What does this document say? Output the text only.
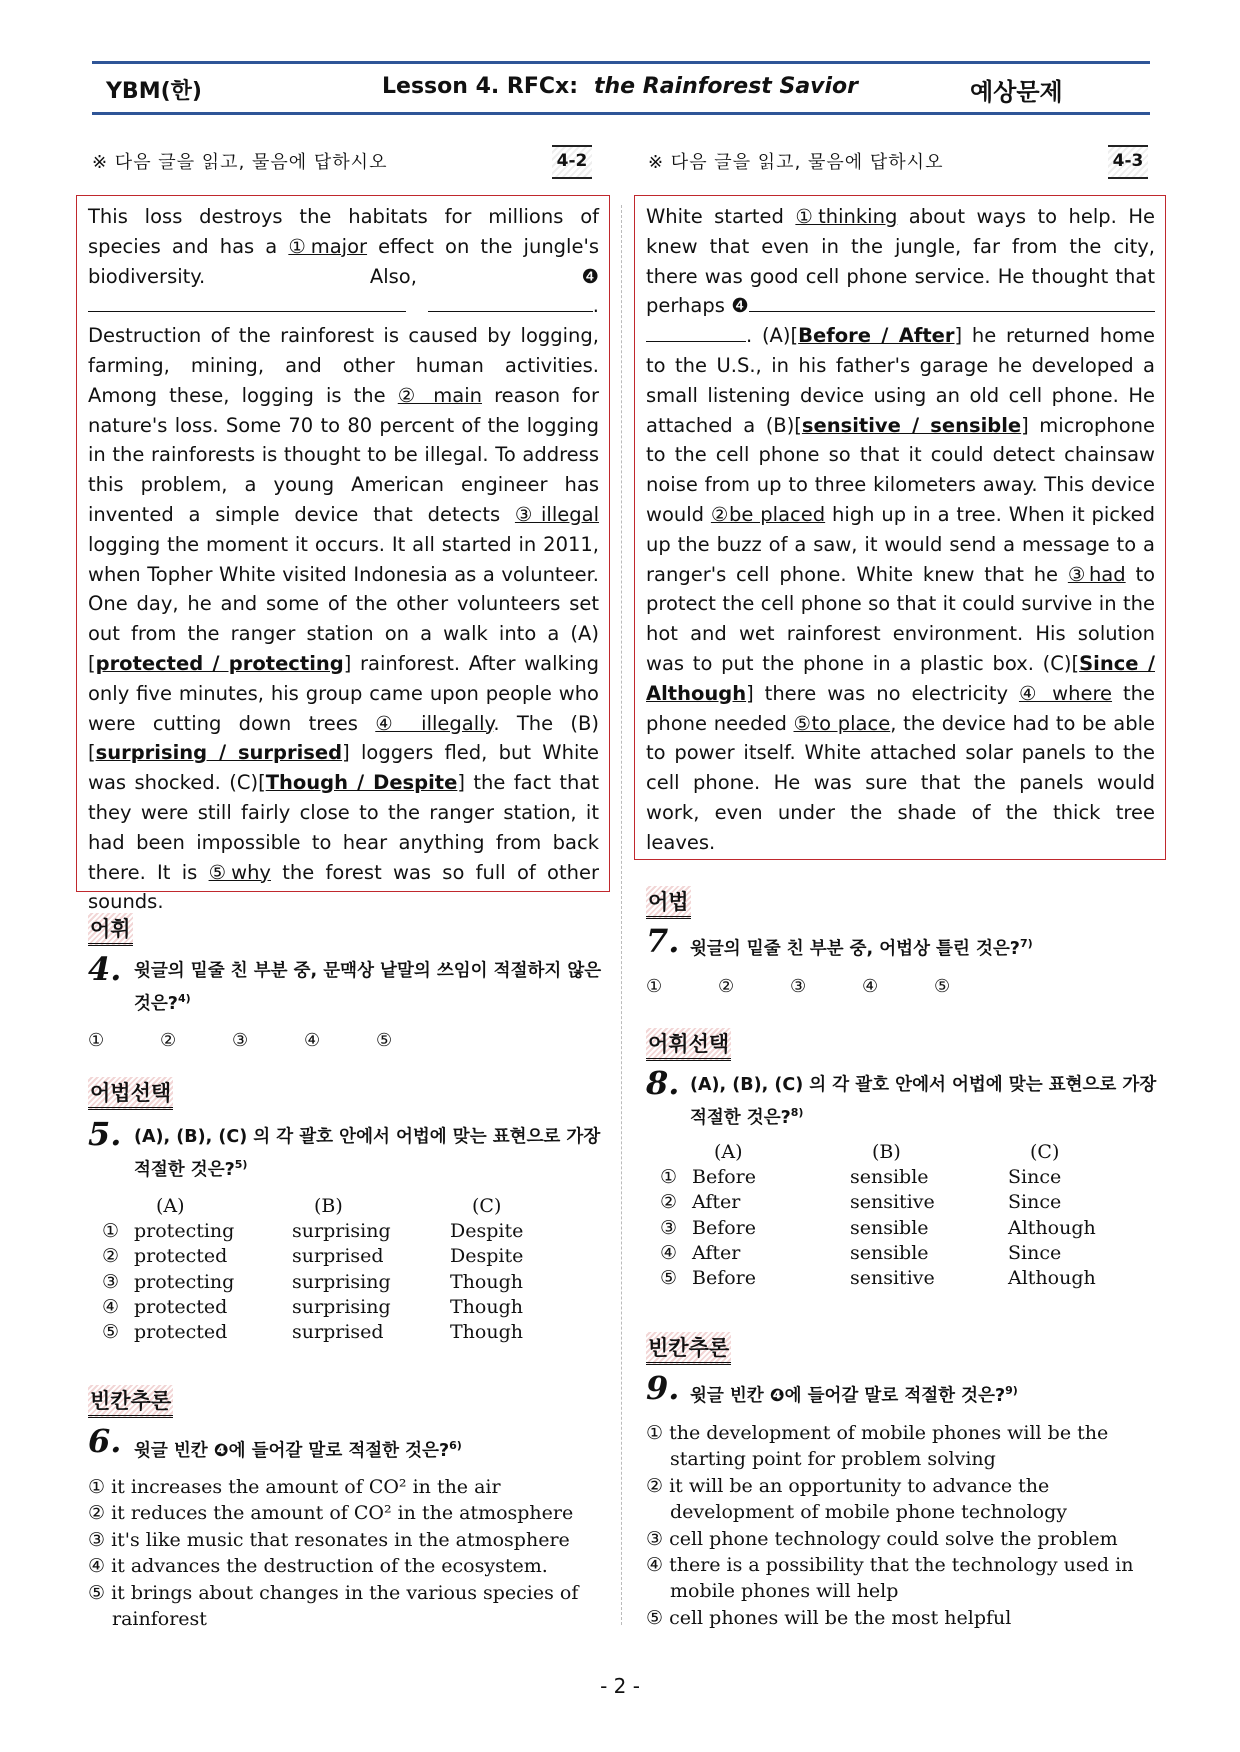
YBM(한)	Lesson 4. RFCx: the Rainforest Savior	예상문제
※ 다음 글을 읽고, 물음에 답하시오	4-2
This loss destroys the habitats for millions of species and has a ①major effect on the jungle's biodiversity. Also, ❹ . Destruction of the rainforest is caused by logging, farming, mining, and other human activities. Among these, logging is the ② main reason for nature's loss. Some 70 to 80 percent of the logging in the rainforests is thought to be illegal. To address this problem, a young American engineer has invented a simple device that detects ③illegal logging the moment it occurs. It all started in 2011, when Topher White visited Indonesia as a volunteer. One day, he and some of the other volunteers set out from the ranger station on a walk into a (A)[protected / protecting] rainforest. After walking only five minutes, his group came upon people who were cutting down trees ④ illegally. The (B)[surprising / surprised] loggers fled, but White was shocked. (C)[Though / Despite] the fact that they were still fairly close to the ranger station, it had been impossible to hear anything from back there. It is ⑤why the forest was so full of other sounds.
어휘
4. 윗글의 밑줄 친 부분 중, 문맥상 낱말의 쓰임이 적절하지 않은 것은?$^{4)}$
①	②	③	④	⑤
어법선택
5. (A), (B), (C) 의 각 괄호 안에서 어법에 맞는 표현으로 가장 적절한 것은?$^{5)}$
(A)	(B)	(C)
① protecting	surprising	Despite
② protected	surprised	Despite
③ protecting	surprising	Though
④ protected	surprising	Though
⑤ protected	surprised	Though
빈칸추론
6. 윗글 빈칸 ❹에 들어갈 말로 적절한 것은?$^{6)}$
① it increases the amount of CO² in the air
② it reduces the amount of CO² in the atmosphere
③ it's like music that resonates in the atmosphere
④ it advances the destruction of the ecosystem.
⑤ it brings about changes in the various species of rainforest
※ 다음 글을 읽고, 물음에 답하시오	4-3
White started ①thinking about ways to help. He knew that even in the jungle, far from the city, there was good cell phone service. He thought that perhaps ❹ . (A)[Before / After] he returned home to the U.S., in his father's garage he developed a small listening device using an old cell phone. He attached a (B)[sensitive / sensible] microphone to the cell phone so that it could detect chainsaw noise from up to three kilometers away. This device would ②be placed high up in a tree. When it picked up the buzz of a saw, it would send a message to a ranger's cell phone. White knew that he ③had to protect the cell phone so that it could survive in the hot and wet rainforest environment. His solution was to put the phone in a plastic box. (C)[Since / Although] there was no electricity ④ where the phone needed ⑤to place, the device had to be able to power itself. White attached solar panels to the cell phone. He was sure that the panels would work, even under the shade of the thick tree leaves.
어법
7. 윗글의 밑줄 친 부분 중, 어법상 틀린 것은?$^{7)}$
①	②	③	④	⑤
어휘선택
8. (A), (B), (C) 의 각 괄호 안에서 어법에 맞는 표현으로 가장 적절한 것은?$^{8)}$
(A)	(B)	(C)
① Before	sensible	Since
② After	sensitive	Since
③ Before	sensible	Although
④ After	sensible	Since
⑤ Before	sensitive	Although
빈칸추론
9. 윗글 빈칸 ❹에 들어갈 말로 적절한 것은?$^{9)}$
① the development of mobile phones will be the starting point for problem solving
② it will be an opportunity to advance the development of mobile phone technology
③ cell phone technology could solve the problem
④ there is a possibility that the technology used in mobile phones will help
⑤ cell phones will be the most helpful
- 2 -
